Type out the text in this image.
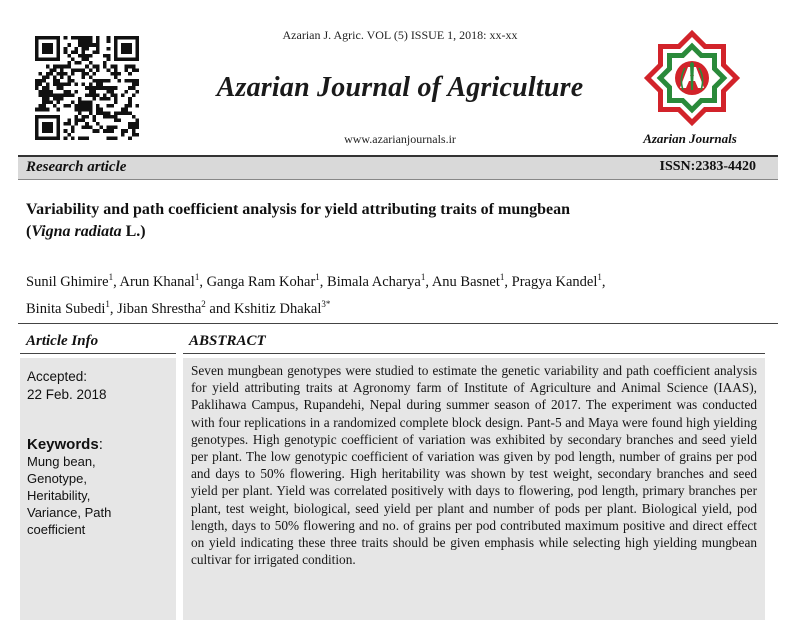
Azarian J. Agric. VOL (5) ISSUE 1, 2018: xx-xx
Azarian Journal of Agriculture
www.azarianjournals.ir	Azarian Journals
Research article	ISSN:2383-4420
Variability and path coefficient analysis for yield attributing traits of mungbean
(Vigna radiata L.)
Sunil Ghimire$^1$, Arun Khanal$^1$, Ganga Ram Kohar$^1$, Bimala Acharya$^1$, Anu Basnet$^1$, Pragya Kandel$^1$,
Binita Subedi$^1$, Jiban Shrestha$^2$ and Kshitiz Dhakal$^{3*}$
Article Info	ABSTRACT
Accepted:
22 Feb. 2018
Keywords:
Mung bean,
Genotype,
Heritability,
Variance, Path
coefficient
Seven mungbean genotypes were studied to estimate the genetic variability and path coefficient analysis for yield attributing traits at Agronomy farm of Institute of Agriculture and Animal Science (IAAS), Paklihawa Campus, Rupandehi, Nepal during summer season of 2017. The experiment was conducted with four replications in a randomized complete block design. Pant-5 and Maya were found high yielding genotypes. High genotypic coefficient of variation was exhibited by secondary branches and seed yield per plant. The low genotypic coefficient of variation was given by pod length, number of grains per pod and days to 50% flowering. High heritability was shown by test weight, secondary branches and seed yield per plant. Yield was correlated positively with days to flowering, pod length, primary branches per plant, test weight, biological, seed yield per plant and number of pods per plant. Biological yield, pod length, days to 50% flowering and no. of grains per pod contributed maximum positive and direct effect on yield indicating these three traits should be given emphasis while selecting high yielding mungbean cultivar for irrigated condition.
